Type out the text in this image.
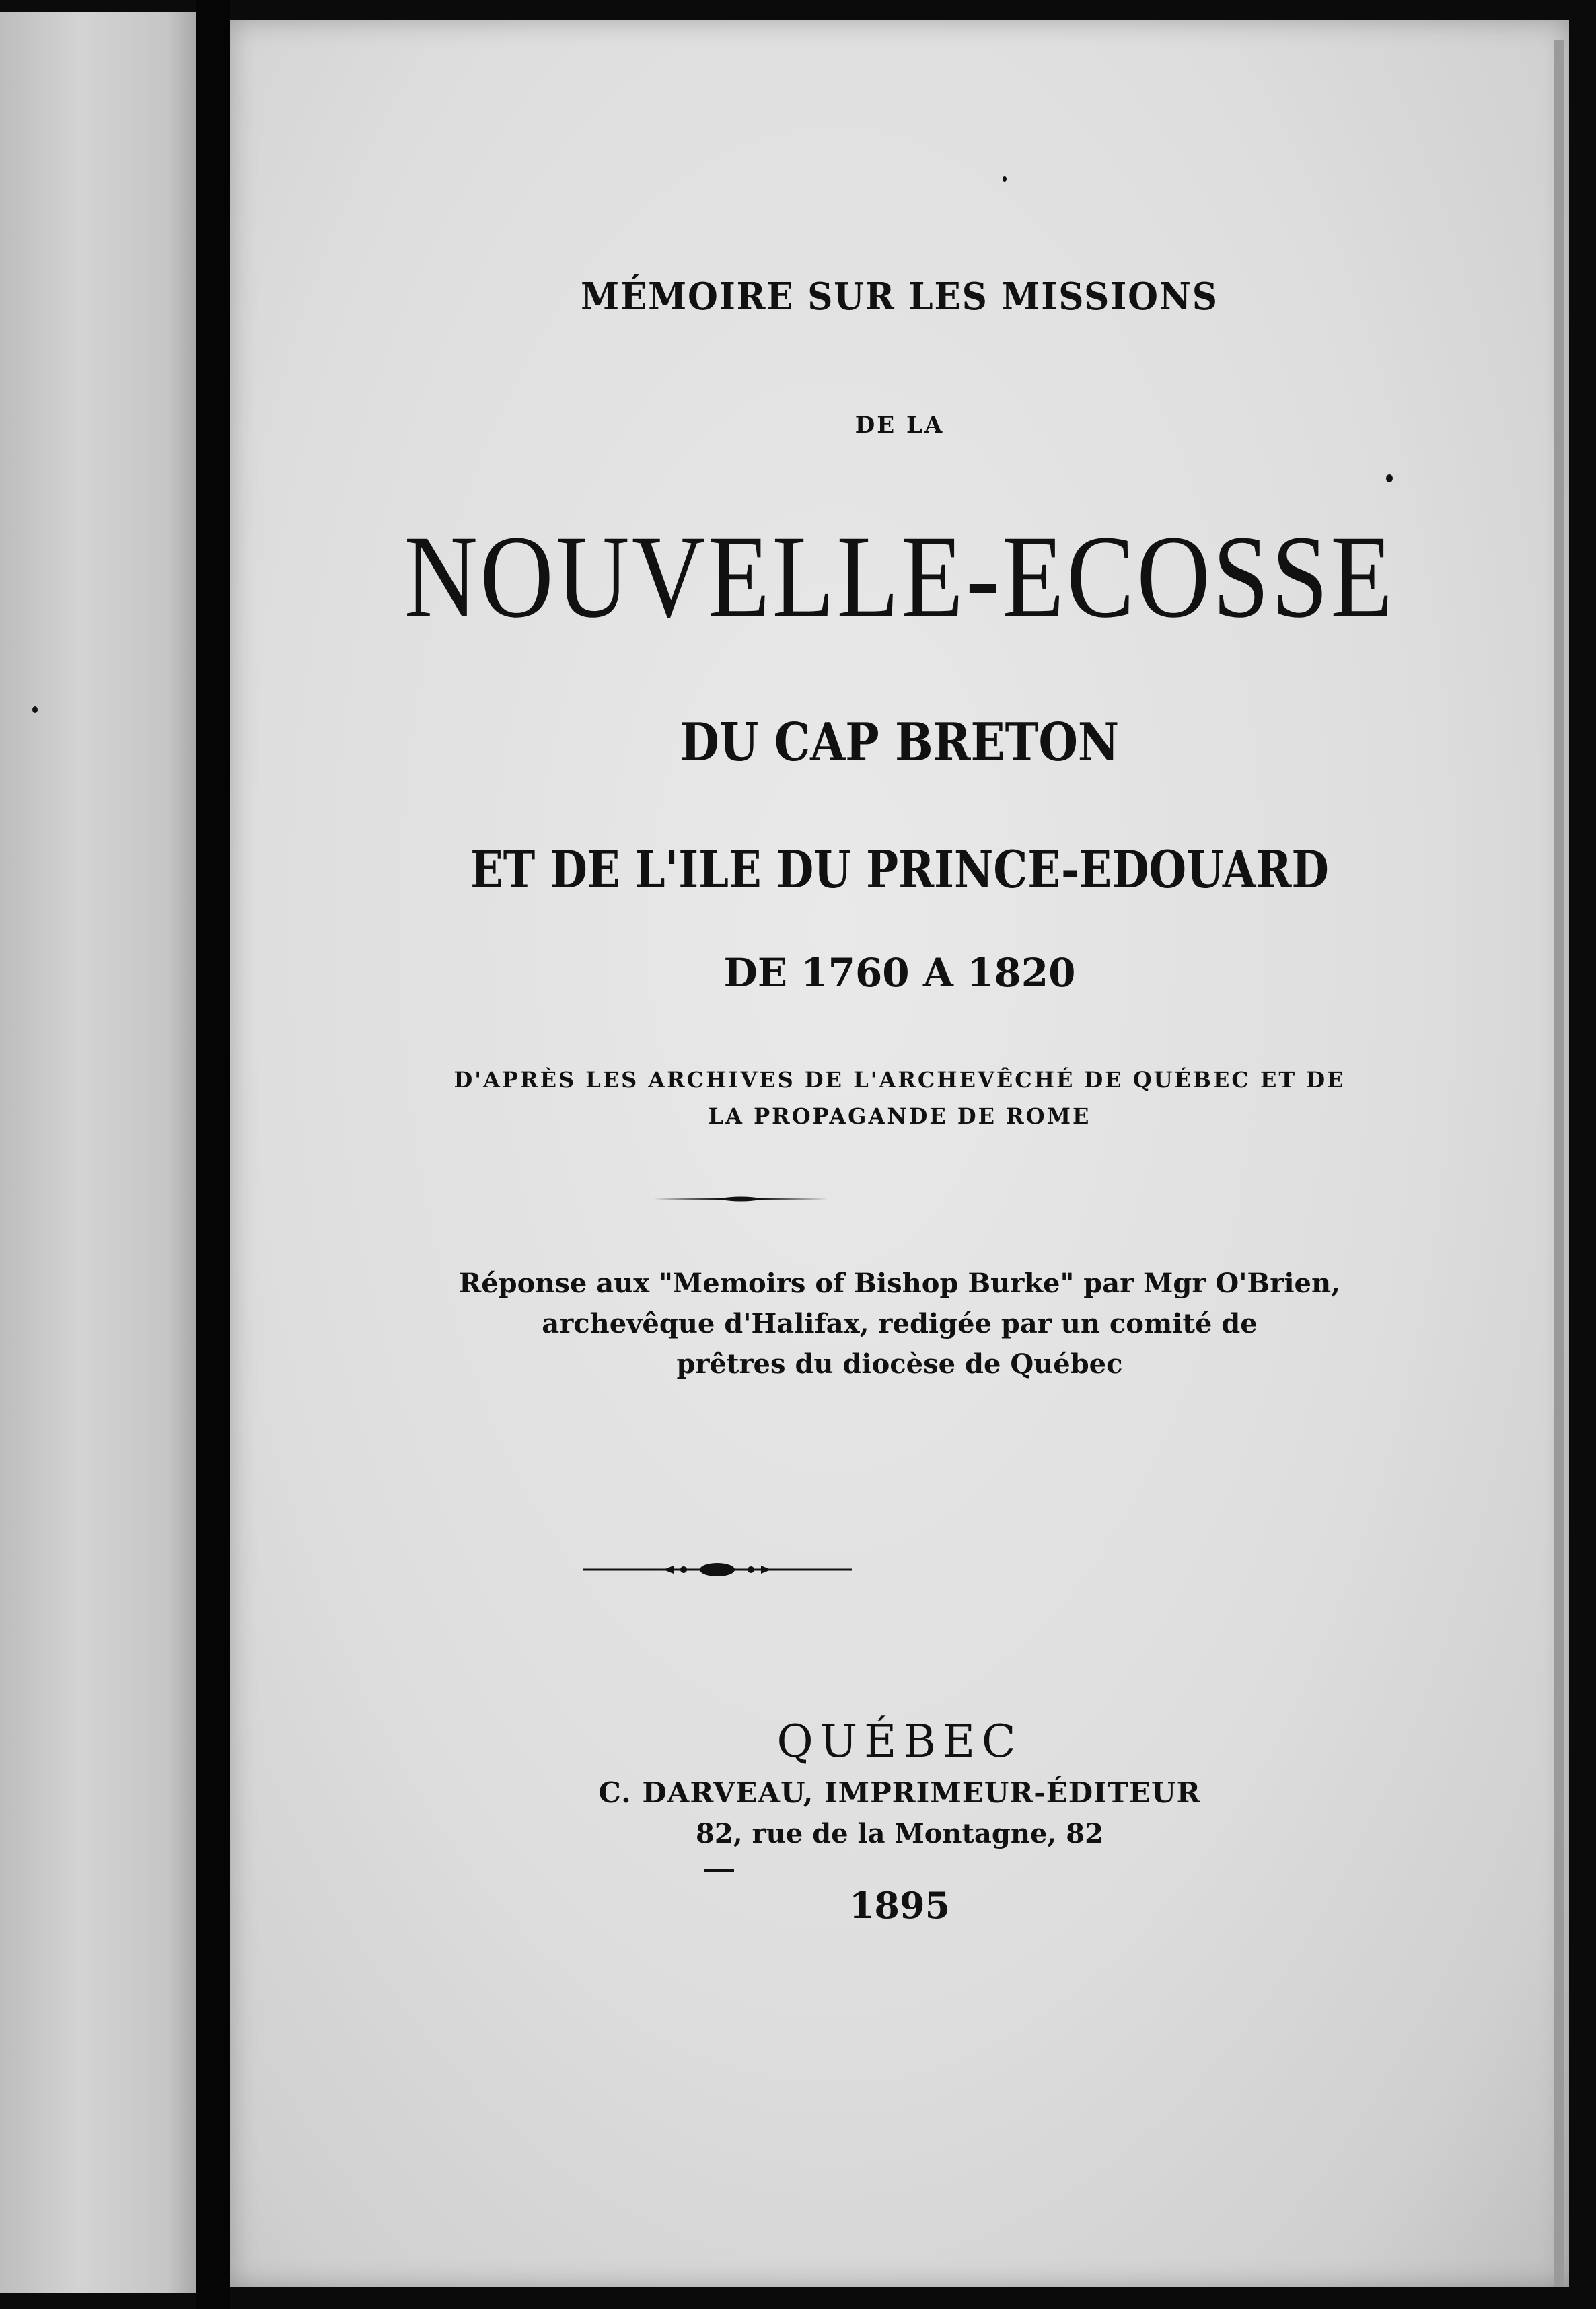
MÉMOIRE SUR LES MISSIONS
DE LA
NOUVELLE-ECOSSE
DU CAP BRETON
ET DE L'ILE DU PRINCE-EDOUARD
DE 1760 A 1820
D'APRÈS LES ARCHIVES DE L'ARCHEVÊCHÉ DE QUÉBEC ET DE
LA PROPAGANDE DE ROME
Réponse aux "Memoirs of Bishop Burke" par Mgr O'Brien,
archevêque d'Halifax, redigée par un comité de
prêtres du diocèse de Québec
QUÉBEC
C. DARVEAU, IMPRIMEUR-ÉDITEUR
82, rue de la Montagne, 82
1895
